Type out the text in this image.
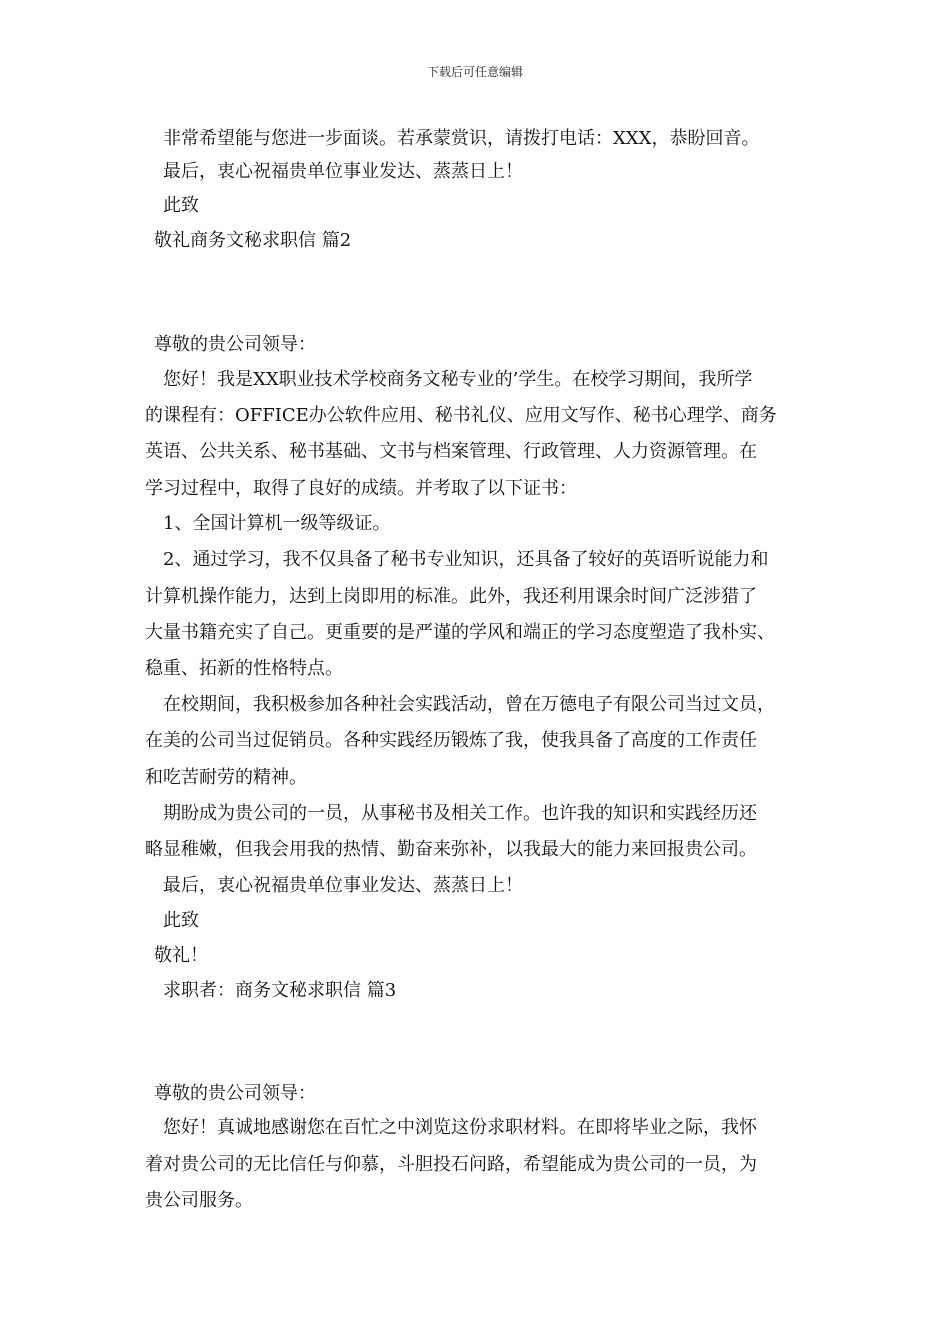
下载后可任意编辑
非常希望能与您进一步面谈。若承蒙赏识，请拨打电话：XXX，恭盼回音。
最后，衷心祝福贵单位事业发达、蒸蒸日上！
此致
敬礼商务文秘求职信 篇2
尊敬的贵公司领导：
您好！我是XX职业技术学校商务文秘专业的’学生。在校学习期间，我所学
的课程有：OFFICE办公软件应用、秘书礼仪、应用文写作、秘书心理学、商务
英语、公共关系、秘书基础、文书与档案管理、行政管理、人力资源管理。在
学习过程中，取得了良好的成绩。并考取了以下证书：
1、全国计算机一级等级证。
2、通过学习，我不仅具备了秘书专业知识，还具备了较好的英语听说能力和
计算机操作能力，达到上岗即用的标准。此外，我还利用课余时间广泛涉猎了
大量书籍充实了自己。更重要的是严谨的学风和端正的学习态度塑造了我朴实、
稳重、拓新的性格特点。
在校期间，我积极参加各种社会实践活动，曾在万德电子有限公司当过文员，
在美的公司当过促销员。各种实践经历锻炼了我，使我具备了高度的工作责任
和吃苦耐劳的精神。
期盼成为贵公司的一员，从事秘书及相关工作。也许我的知识和实践经历还
略显稚嫩，但我会用我的热情、勤奋来弥补，以我最大的能力来回报贵公司。
最后，衷心祝福贵单位事业发达、蒸蒸日上！
此致
敬礼！
求职者：商务文秘求职信 篇3
尊敬的贵公司领导：
您好！真诚地感谢您在百忙之中浏览这份求职材料。在即将毕业之际，我怀
着对贵公司的无比信任与仰慕，斗胆投石问路，希望能成为贵公司的一员，为
贵公司服务。
